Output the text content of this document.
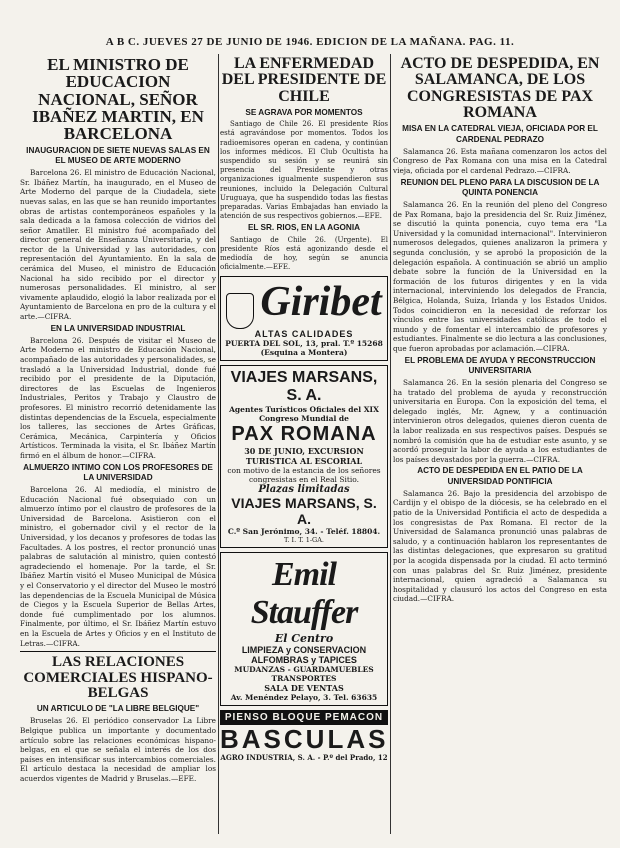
A B C. JUEVES 27 DE JUNIO DE 1946. EDICION DE LA MAÑANA. PAG. 11.
EL MINISTRO DE EDUCACION NACIONAL, SEÑOR IBAÑEZ MARTIN, EN BARCELONA
INAUGURACION DE SIETE NUEVAS SALAS EN EL MUSEO DE ARTE MODERNO

Barcelona 26. El ministro de Educación Nacional, Sr. Ibáñez Martín, ha inaugurado, en el Museo de Arte Moderno del parque de la Ciudadela, siete nuevas salas, en las que se han reunido importantes obras de artistas contemporáneos españoles y la sala dedicada a la famosa colección de vidrios del señor Amatller. El ministro fué acompañado del director general de Enseñanza Universitaria, y del rector de la Universidad y las autoridades, con representación del Ayuntamiento. En la sala de cerámica del Museo, el ministro de Educación Nacional ha sido recibido por el director y numerosas personalidades. El ministro, al ser vivamente aplaudido, elogió la labor realizada por el Ayuntamiento de Barcelona en pro de la cultura y el arte.—CIFRA.

EN LA UNIVERSIDAD INDUSTRIAL

Barcelona 26. Después de visitar el Museo de Arte Moderno el ministro de Educación Nacional, acompañado de las autoridades y personalidades, se trasladó a la Universidad Industrial, donde fué recibido por el presidente de la Diputación, directores de las Escuelas de Ingenieros Industriales, Peritos y Trabajo y Claustro de profesores. El ministro recorrió detenidamente las distintas dependencias de la Escuela, especialmente los talleres, las secciones de Artes Gráficas, Cerámica, Mecánica, Carpintería y Oficios Artísticos. Terminada la visita, el Sr. Ibáñez Martín firmó en el álbum de honor.—CIFRA.

ALMUERZO INTIMO CON LOS PROFESORES DE LA UNIVERSIDAD

Barcelona 26. Al mediodía, el ministro de Educación Nacional fué obsequiado con un almuerzo íntimo por el claustro de profesores de la Universidad de Barcelona. Asistieron con el ministro, el gobernador civil y el rector de la Universidad, y los decanos y profesores de todas las Facultades. A los postres, el rector pronunció unas palabras de salutación al ministro, quien contestó agradeciendo el homenaje. Por la tarde, el Sr. Ibáñez Martín visitó el Museo Municipal de Música y el Conservatorio y el director del Museo le mostró las dependencias de la Escuela Municipal de Música de Ciegos y la Escuela Superior de Bellas Artes, donde fué cumplimentado por los alumnos. Finalmente, por último, el Sr. Ibáñez Martín estuvo en la Escuela de Artes y Oficios y en el Instituto de Letras.—CIFRA.

LAS RELACIONES COMERCIALES HISPANO-BELGAS
UN ARTICULO DE "LA LIBRE BELGIQUE"

Bruselas 26. El periódico conservador La Libre Belgique publica un importante y documentado artículo sobre las relaciones económicas hispano-belgas, en el que se señala el interés de los dos países en intensificar sus intercambios comerciales. El artículo destaca la necesidad de ampliar los acuerdos vigentes de Madrid y Bruselas.—EFE.

LA ENFERMEDAD DEL PRESIDENTE DE CHILE
SE AGRAVA POR MOMENTOS

Santiago de Chile 26. El presidente Ríos está agravándose por momentos. Todos los radioemisores operan en cadena, y continúan los informes médicos. El Club Ocultista ha suspendido su sesión y se reunirá sin presencia del Presidente y otras organizaciones igualmente suspendieron sus reuniones, incluido la Delegación Cultural Uruguaya, que ha suspendido todas las fiestas preparadas. Varias Embajadas han enviado la atención de sus respectivos gobiernos.—EFE.

EL SR. RIOS, EN LA AGONIA

Santiago de Chile 26. (Urgente). El presidente Ríos está agonizando desde el mediodía de hoy, según se anuncia oficialmente.—EFE.

Giribet
ALTAS CALIDADES
PUERTA DEL SOL, 13, pral. T.º 15268
(Esquina a Montera)
VIAJES MARSANS, S. A.
Agentes Turísticos Oficiales del XIX Congreso Mundial de
PAX ROMANA
30 DE JUNIO, EXCURSION TURISTICA AL ESCORIAL
con motivo de la estancia de los señores congresistas en el Real Sitio.
Plazas limitadas
VIAJES MARSANS, S. A.
C.º San Jerónimo, 34. - Teléf. 18804.
T. I. T. 1-GA.
Emil Stauffer
El Centro
LIMPIEZA y CONSERVACION
ALFOMBRAS y TAPICES
MUDANZAS - GUARDAMUEBLES TRANSPORTES
SALA DE VENTAS
Av. Menéndez Pelayo, 3. Tel. 63635
PIENSO BLOQUE PEMACON
BASCULAS
AGRO INDUSTRIA, S. A. - P.º del Prado, 12
ACTO DE DESPEDIDA, EN SALAMANCA, DE LOS CONGRESISTAS DE PAX ROMANA
MISA EN LA CATEDRAL VIEJA, OFICIADA POR EL CARDENAL PEDRAZO

Salamanca 26. Esta mañana comenzaron los actos del Congreso de Pax Romana con una misa en la Catedral vieja, oficiada por el cardenal Pedrazo.—CIFRA.

REUNION DEL PLENO PARA LA DISCUSION DE LA QUINTA PONENCIA

Salamanca 26. En la reunión del pleno del Congreso de Pax Romana, bajo la presidencia del Sr. Ruiz Jiménez, se discutió la quinta ponencia, cuyo tema era "La Universidad y la comunidad internacional". Intervinieron numerosos delegados, quienes analizaron la primera y segunda conclusión, y se aprobó la proposición de la delegación española. A continuación se abrió un amplio debate sobre la función de la Universidad en la formación de los futuros dirigentes y en la vida internacional, interviniendo los delegados de Francia, Bélgica, Holanda, Suiza, Irlanda y los Estados Unidos. Todos coincidieron en la necesidad de reforzar los vínculos entre las universidades católicas de todo el mundo y de fomentar el intercambio de profesores y estudiantes. Finalmente se dio lectura a las conclusiones, que fueron aprobadas por aclamación.—CIFRA.

EL PROBLEMA DE AYUDA Y RECONSTRUCCION UNIVERSITARIA

Salamanca 26. En la sesión plenaria del Congreso se ha tratado del problema de ayuda y reconstrucción universitaria en Europa. Con la exposición del tema, el delegado inglés, Mr. Agnew, y a continuación intervinieron otros delegados, quienes dieron cuenta de la labor realizada en sus respectivos países. Después se nombró la comisión que ha de estudiar este asunto, y se acordó proseguir la labor de ayuda a los estudiantes de los países devastados por la guerra.—CIFRA.

ACTO DE DESPEDIDA EN EL PATIO DE LA UNIVERSIDAD PONTIFICIA

Salamanca 26. Bajo la presidencia del arzobispo de Cardijn y el obispo de la diócesis, se ha celebrado en el patio de la Universidad Pontificia el acto de despedida a los congresistas de Pax Romana. El rector de la Universidad de Salamanca pronunció unas palabras de saludo, y a continuación hablaron los representantes de las distintas delegaciones, que expresaron su gratitud por la acogida dispensada por la ciudad. El acto terminó con unas palabras del Sr. Ruiz Jiménez, presidente internacional, quien agradeció a Salamanca su hospitalidad y clausuró los actos del Congreso en esta ciudad.—CIFRA.
